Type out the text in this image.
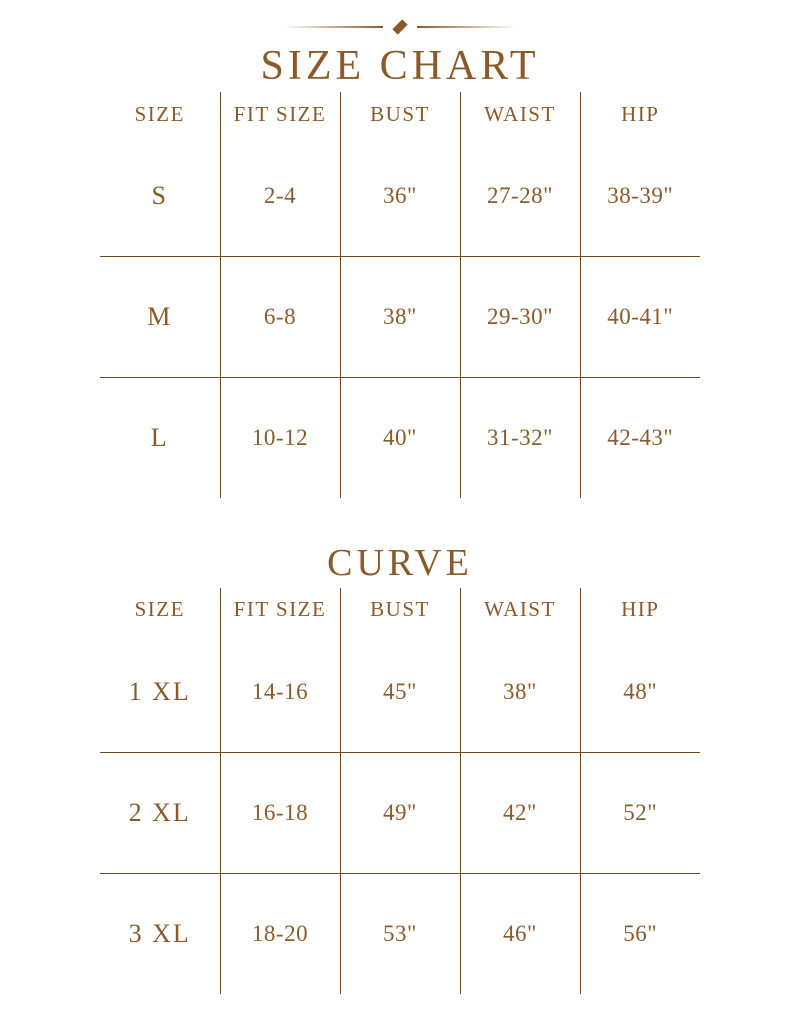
SIZE CHART
SIZE	FIT SIZE	BUST	WAIST	HIP
S	2-4	36"	27-28"	38-39"
M	6-8	38"	29-30"	40-41"
L	10-12	40"	31-32"	42-43"
CURVE
SIZE	FIT SIZE	BUST	WAIST	HIP
1 XL	14-16	45"	38"	48"
2 XL	16-18	49"	42"	52"
3 XL	18-20	53"	46"	56"
